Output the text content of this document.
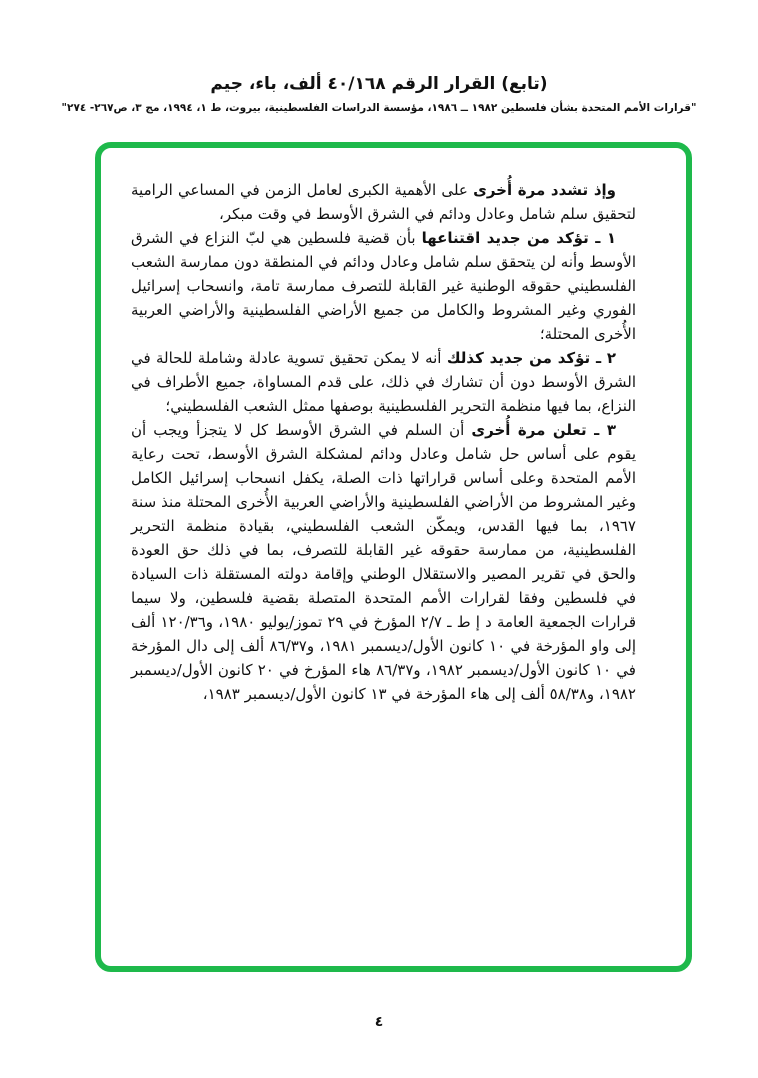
(تابع) القرار الرقم ٤٠/١٦٨ ألف، باء، جيم
"قرارات الأمم المتحدة بشأن فلسطين ١٩٨٢ ــ ١٩٨٦، مؤسسة الدراسات الفلسطينية، بيروت، ط ١، ١٩٩٤، مج ٣، ص٢٦٧- ٢٧٤"

وإذ تشدد مرة أُخرى على الأهمية الكبرى لعامل الزمن في المساعي الرامية لتحقيق سلم شامل وعادل ودائم في الشرق الأوسط في وقت مبكر،

١ ـ تؤكد من جديد اقتناعها بأن قضية فلسطين هي لبّ النزاع في الشرق الأوسط وأنه لن يتحقق سلم شامل وعادل ودائم في المنطقة دون ممارسة الشعب الفلسطيني حقوقه الوطنية غير القابلة للتصرف ممارسة تامة، وانسحاب إسرائيل الفوري وغير المشروط والكامل من جميع الأراضي الفلسطينية والأراضي العربية الأُخرى المحتلة؛

٢ ـ تؤكد من جديد كذلك أنه لا يمكن تحقيق تسوية عادلة وشاملة للحالة في الشرق الأوسط دون أن تشارك في ذلك، على قدم المساواة، جميع الأطراف في النزاع، بما فيها منظمة التحرير الفلسطينية بوصفها ممثل الشعب الفلسطيني؛

٣ ـ تعلن مرة أُخرى أن السلم في الشرق الأوسط كل لا يتجزأ ويجب أن يقوم على أساس حل شامل وعادل ودائم لمشكلة الشرق الأوسط، تحت رعاية الأمم المتحدة وعلى أساس قراراتها ذات الصلة، يكفل انسحاب إسرائيل الكامل وغير المشروط من الأراضي الفلسطينية والأراضي العربية الأُخرى المحتلة منذ سنة ١٩٦٧، بما فيها القدس، ويمكّن الشعب الفلسطيني، بقيادة منظمة التحرير الفلسطينية، من ممارسة حقوقه غير القابلة للتصرف، بما في ذلك حق العودة والحق في تقرير المصير والاستقلال الوطني وإقامة دولته المستقلة ذات السيادة في فلسطين وفقا لقرارات الأمم المتحدة المتصلة بقضية فلسطين، ولا سيما قرارات الجمعية العامة د إ ط ـ ٢/٧ المؤرخ في ٢٩ تموز/يوليو ١٩٨٠، و١٢٠/٣٦ ألف إلى واو المؤرخة في ١٠ كانون الأول/ديسمبر ١٩٨١، و٨٦/٣٧ ألف إلى دال المؤرخة في ١٠ كانون الأول/ديسمبر ١٩٨٢، و٨٦/٣٧ هاء المؤرخ في ٢٠ كانون الأول/ديسمبر ١٩٨٢، و٥٨/٣٨ ألف إلى هاء المؤرخة في ١٣ كانون الأول/ديسمبر ١٩٨٣،

٤
